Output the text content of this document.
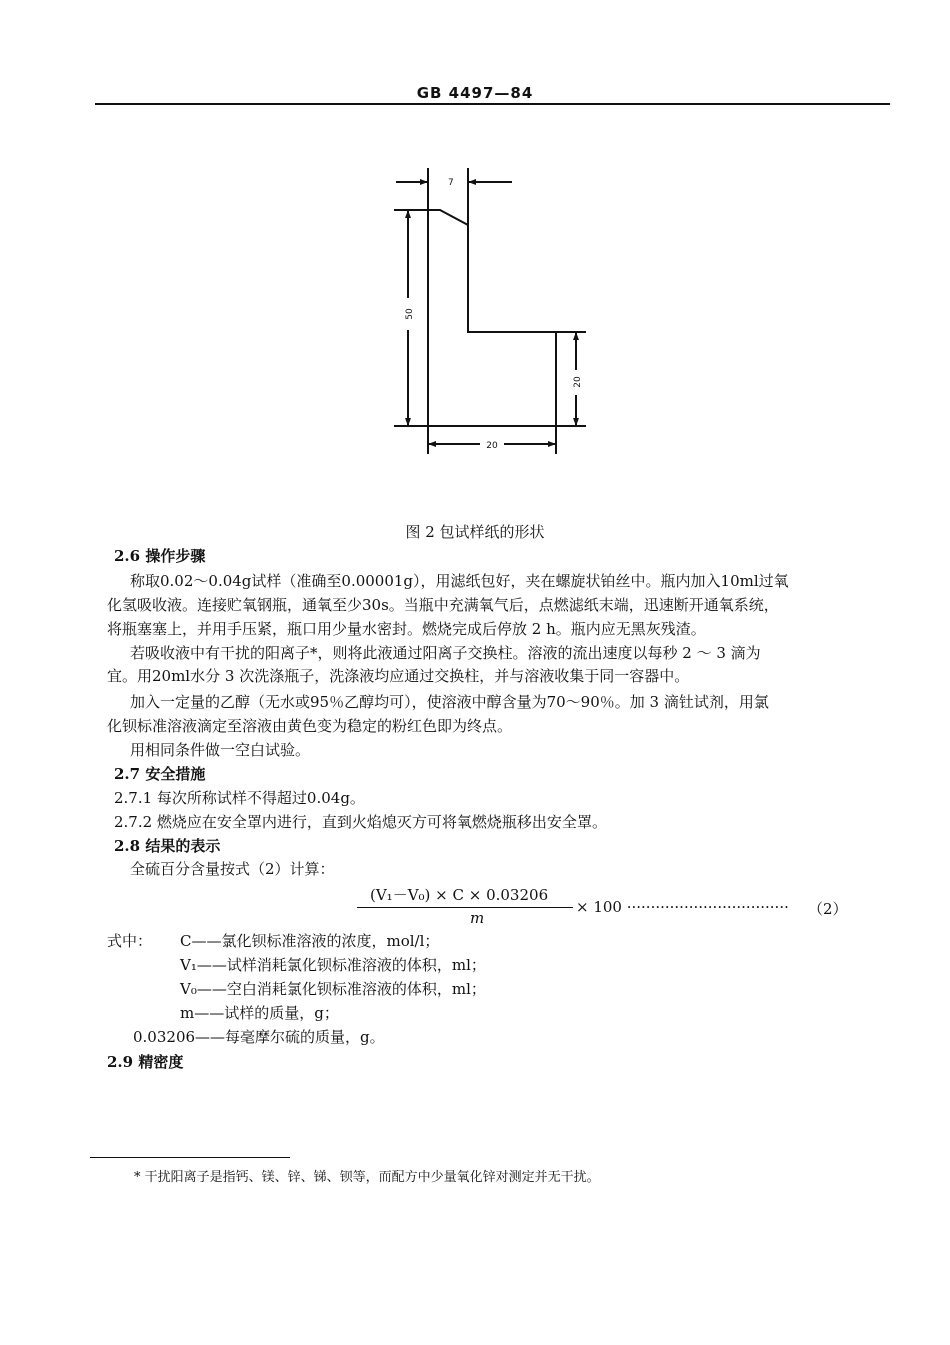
GB 4497—84
7
50
20
20
图 2 包试样纸的形状
2.6 操作步骤
称取0.02～0.04g试样（准确至0.00001g），用滤纸包好，夹在螺旋状铂丝中。瓶内加入10ml过氧
化氢吸收液。连接贮氧钢瓶，通氧至少30s。当瓶中充满氧气后，点燃滤纸末端，迅速断开通氧系统，
将瓶塞塞上，并用手压紧，瓶口用少量水密封。燃烧完成后停放 2 h。瓶内应无黑灰残渣。
若吸收液中有干扰的阳离子*，则将此液通过阳离子交换柱。溶液的流出速度以每秒 2 ～ 3 滴为
宜。用20ml水分 3 次洗涤瓶子，洗涤液均应通过交换柱，并与溶液收集于同一容器中。
加入一定量的乙醇（无水或95％乙醇均可），使溶液中醇含量为70～90％。加 3 滴钍试剂，用氯
化钡标准溶液滴定至溶液由黄色变为稳定的粉红色即为终点。
用相同条件做一空白试验。
2.7 安全措施
2.7.1 每次所称试样不得超过0.04g。
2.7.2 燃烧应在安全罩内进行，直到火焰熄灭方可将氧燃烧瓶移出安全罩。
2.8 结果的表示
全硫百分含量按式（2）计算：
(V₁－V₀) × C × 0.03206
m
× 100 ·································· （2）
式中： C——氯化钡标准溶液的浓度，mol/l；
V₁——试样消耗氯化钡标准溶液的体积，ml；
V₀——空白消耗氯化钡标准溶液的体积，ml；
m——试样的质量，g；
0.03206——每毫摩尔硫的质量，g。
2.9 精密度
* 干扰阳离子是指钙、镁、锌、锑、钡等，而配方中少量氧化锌对测定并无干扰。
